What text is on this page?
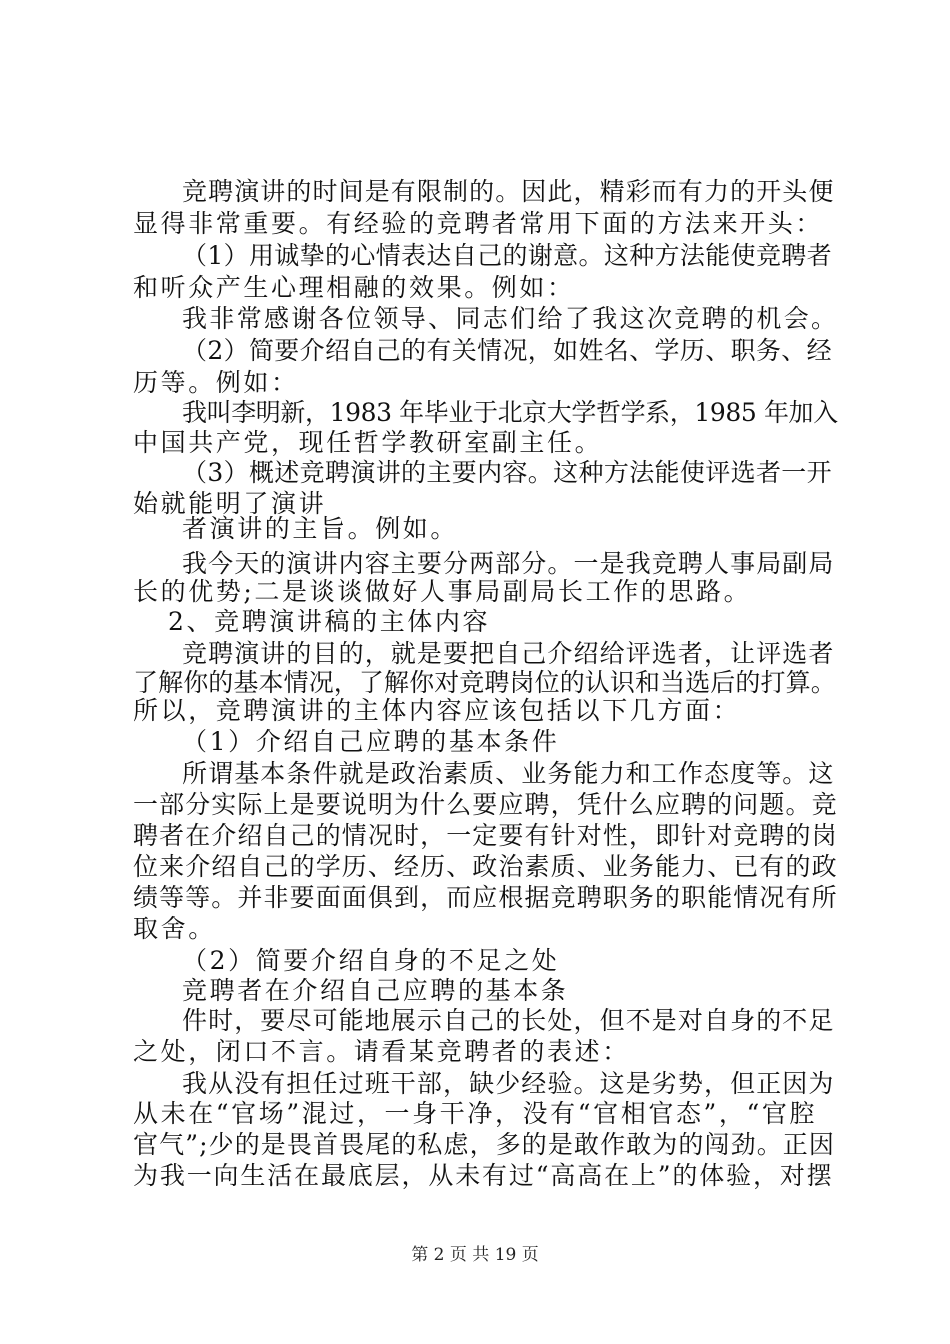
竞聘演讲的时间是有限制的。因此，精彩而有力的开头便
显得非常重要。有经验的竞聘者常用下面的方法来开头：
（1）用诚挚的心情表达自己的谢意。这种方法能使竞聘者
和听众产生心理相融的效果。例如：
我非常感谢各位领导、同志们给了我这次竞聘的机会。
（2）简要介绍自己的有关情况，如姓名、学历、职务、经
历等。例如：
我叫李明新，1983 年毕业于北京大学哲学系，1985 年加入
中国共产党，现任哲学教研室副主任。
（3）概述竞聘演讲的主要内容。这种方法能使评选者一开
始就能明了演讲
者演讲的主旨。例如。
我今天的演讲内容主要分两部分。一是我竞聘人事局副局
长的优势;二是谈谈做好人事局副局长工作的思路。
2、竞聘演讲稿的主体内容
竞聘演讲的目的，就是要把自己介绍给评选者，让评选者
了解你的基本情况，了解你对竞聘岗位的认识和当选后的打算。
所以，竞聘演讲的主体内容应该包括以下几方面：
（1）介绍自己应聘的基本条件
所谓基本条件就是政治素质、业务能力和工作态度等。这
一部分实际上是要说明为什么要应聘，凭什么应聘的问题。竞
聘者在介绍自己的情况时，一定要有针对性，即针对竞聘的岗
位来介绍自己的学历、经历、政治素质、业务能力、已有的政
绩等等。并非要面面俱到，而应根据竞聘职务的职能情况有所
取舍。
（2）简要介绍自身的不足之处
竞聘者在介绍自己应聘的基本条
件时，要尽可能地展示自己的长处，但不是对自身的不足
之处，闭口不言。请看某竞聘者的表述：
我从没有担任过班干部，缺少经验。这是劣势，但正因为
从未在“官场”混过，一身干净，没有“官相官态”，“官腔
官气”;少的是畏首畏尾的私虑，多的是敢作敢为的闯劲。正因
为我一向生活在最底层，从未有过“高高在上”的体验，对摆
第 2 页 共 19 页
